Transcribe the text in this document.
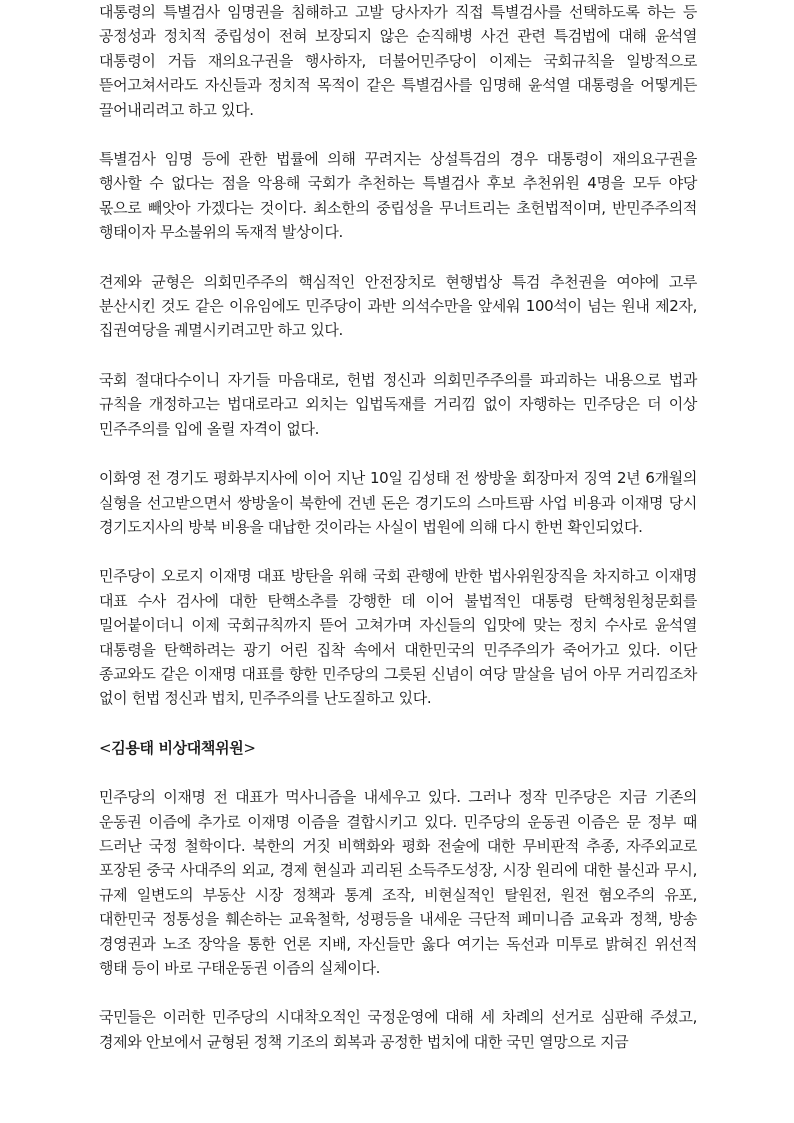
대통령의 특별검사 임명권을 침해하고 고발 당사자가 직접 특별검사를 선택하도록 하는 등 공정성과 정치적 중립성이 전혀 보장되지 않은 순직해병 사건 관련 특검법에 대해 윤석열 대통령이 거듭 재의요구권을 행사하자, 더불어민주당이 이제는 국회규칙을 일방적으로 뜯어고쳐서라도 자신들과 정치적 목적이 같은 특별검사를 임명해 윤석열 대통령을 어떻게든 끌어내리려고 하고 있다.

특별검사 임명 등에 관한 법률에 의해 꾸려지는 상설특검의 경우 대통령이 재의요구권을 행사할 수 없다는 점을 악용해 국회가 추천하는 특별검사 후보 추천위원 4명을 모두 야당 몫으로 빼앗아 가겠다는 것이다. 최소한의 중립성을 무너트리는 초헌법적이며, 반민주주의적 행태이자 무소불위의 독재적 발상이다.

견제와 균형은 의회민주주의 핵심적인 안전장치로 현행법상 특검 추천권을 여야에 고루 분산시킨 것도 같은 이유임에도 민주당이 과반 의석수만을 앞세워 100석이 넘는 원내 제2자, 집권여당을 궤멸시키려고만 하고 있다.

국회 절대다수이니 자기들 마음대로, 헌법 정신과 의회민주주의를 파괴하는 내용으로 법과 규칙을 개정하고는 법대로라고 외치는 입법독재를 거리낌 없이 자행하는 민주당은 더 이상 민주주의를 입에 올릴 자격이 없다.

이화영 전 경기도 평화부지사에 이어 지난 10일 김성태 전 쌍방울 회장마저 징역 2년 6개월의 실형을 선고받으면서 쌍방울이 북한에 건넨 돈은 경기도의 스마트팜 사업 비용과 이재명 당시 경기도지사의 방북 비용을 대납한 것이라는 사실이 법원에 의해 다시 한번 확인되었다.

민주당이 오로지 이재명 대표 방탄을 위해 국회 관행에 반한 법사위원장직을 차지하고 이재명 대표 수사 검사에 대한 탄핵소추를 강행한 데 이어 불법적인 대통령 탄핵청원청문회를 밀어붙이더니 이제 국회규칙까지 뜯어 고쳐가며 자신들의 입맛에 맞는 정치 수사로 윤석열 대통령을 탄핵하려는 광기 어린 집착 속에서 대한민국의 민주주의가 죽어가고 있다. 이단 종교와도 같은 이재명 대표를 향한 민주당의 그릇된 신념이 여당 말살을 넘어 아무 거리낌조차 없이 헌법 정신과 법치, 민주주의를 난도질하고 있다.

<김용태 비상대책위원>

민주당의 이재명 전 대표가 먹사니즘을 내세우고 있다. 그러나 정작 민주당은 지금 기존의 운동권 이즘에 추가로 이재명 이즘을 결합시키고 있다. 민주당의 운동권 이즘은 문 정부 때 드러난 국정 철학이다. 북한의 거짓 비핵화와 평화 전술에 대한 무비판적 추종, 자주외교로 포장된 중국 사대주의 외교, 경제 현실과 괴리된 소득주도성장, 시장 원리에 대한 불신과 무시, 규제 일변도의 부동산 시장 정책과 통계 조작, 비현실적인 탈원전, 원전 혐오주의 유포, 대한민국 정통성을 훼손하는 교육철학, 성평등을 내세운 극단적 페미니즘 교육과 정책, 방송 경영권과 노조 장악을 통한 언론 지배, 자신들만 옳다 여기는 독선과 미투로 밝혀진 위선적 행태 등이 바로 구태운동권 이즘의 실체이다.

국민들은 이러한 민주당의 시대착오적인 국정운영에 대해 세 차례의 선거로 심판해 주셨고, 경제와 안보에서 균형된 정책 기조의 회복과 공정한 법치에 대한 국민 열망으로 지금
